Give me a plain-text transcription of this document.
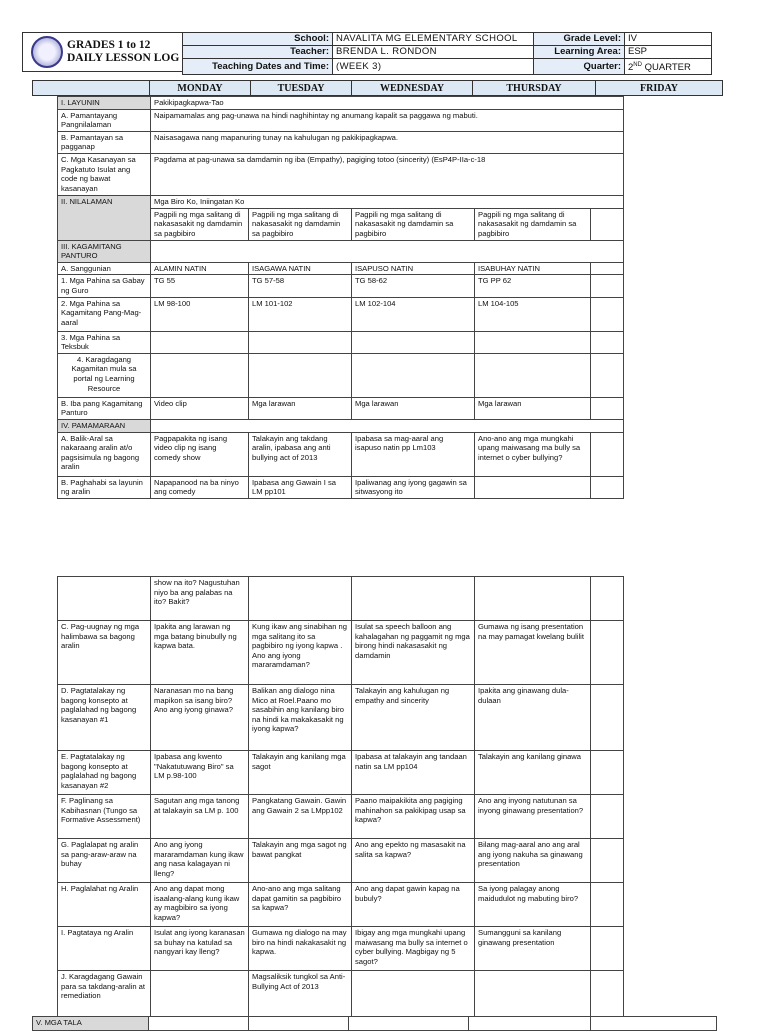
GRADES 1 to 12
DAILY LESSON LOG
School:	NAVALITA MG ELEMENTARY SCHOOL	Grade Level:	IV
Teacher:	BRENDA L. RONDON	Learning Area:	ESP
Teaching Dates and Time:	(WEEK 3)	Quarter:	2ND QUARTER
	MONDAY	TUESDAY	WEDNESDAY	THURSDAY	FRIDAY
I. LAYUNIN	Pakikipagkapwa-Tao				
A. Pamantayang Pangnilalaman	Naipamamalas ang pag-unawa na hindi naghihintay ng anumang kapalit sa paggawa ng mabuti.				
B. Pamantayan sa pagganap	Naisasagawa nang mapanuring tunay na kahulugan ng pakikipagkapwa.				
C. Mga Kasanayan sa Pagkatuto Isulat ang code ng bawat kasanayan	Pagdama at pag-unawa sa damdamin ng iba (Empathy), pagiging totoo (sincerity) (EsP4P-IIa-c-18				
II. NILALAMAN	Mga Biro Ko, Iniingatan Ko				
	Pagpili ng mga salitang di nakasasakit ng damdamin sa pagbibiro	Pagpili ng mga salitang di nakasasakit ng damdamin sa pagbibiro	Pagpili ng mga salitang di nakasasakit ng damdamin sa pagbibiro	Pagpili ng mga salitang di nakasasakit ng damdamin sa pagbibiro	
III. KAGAMITANG PANTURO					
A. Sanggunian	ALAMIN NATIN	ISAGAWA NATIN	ISAPUSO NATIN	ISABUHAY NATIN	
1. Mga Pahina sa Gabay ng Guro	TG 55	TG 57-58	TG 58-62	TG PP 62	
2. Mga Pahina sa Kagamitang Pang-Mag-aaral	LM 98-100	LM 101-102	LM 102-104	LM 104-105	
3. Mga Pahina sa Teksbuk					
4. Karagdagang Kagamitan mula sa portal ng Learning Resource					
B. Iba pang Kagamitang Panturo	Video clip	Mga larawan	Mga larawan	Mga larawan	
IV. PAMAMARAAN					
A. Balik-Aral sa nakaraang aralin at/o pagsisimula ng bagong aralin	Pagpapakita ng isang video clip ng isang comedy show	Talakayin ang takdang aralin, ipabasa ang anti bullying act of 2013	Ipabasa sa mag-aaral ang isapuso natin pp Lm103	Ano-ano ang mga mungkahi upang maiwasang ma bully sa internet o cyber bullying?	
B. Paghahabi sa layunin ng aralin	Napapanood na ba ninyo ang comedy	Ipabasa ang Gawain I sa LM pp101	Ipaliwanag ang iyong gagawin sa sitwasyong ito		
	show na ito? Nagustuhan niyo ba ang palabas na ito? Bakit?				
C. Pag-uugnay ng mga halimbawa sa bagong aralin	Ipakita ang larawan ng mga batang binubully ng kapwa bata.	Kung ikaw ang sinabihan ng mga salitang ito sa pagbibiro ng iyong kapwa . Ano ang iyong mararamdaman?	Isulat sa speech balloon ang kahalagahan ng paggamit ng mga birong hindi nakasasakit ng damdamin	Gumawa ng isang presentation na may pamagat kwelang bulilit	
D. Pagtatalakay ng bagong konsepto at paglalahad ng bagong kasanayan #1	Naranasan mo na bang mapikon sa isang biro? Ano ang iyong ginawa?	Balikan ang dialogo nina Mico at Roel.Paano mo sasabihin ang kanilang biro na hindi ka makakasakit ng iyong kapwa?	Talakayin ang kahulugan ng empathy and sincerity	Ipakita ang ginawang dula-dulaan	
E. Pagtatalakay ng bagong konsepto at paglalahad ng bagong kasanayan #2	Ipabasa ang kwento "Nakatutuwang Biro" sa LM p.98-100	Talakayin ang kanilang mga sagot	Ipabasa at talakayin ang tandaan natin sa LM pp104	Talakayin ang kanilang ginawa	
F. Paglinang sa Kabihasnan (Tungo sa Formative Assessment)	Sagutan ang mga tanong at talakayin sa LM p. 100	Pangkatang Gawain. Gawin ang Gawain 2 sa LMpp102	Paano maipakikita ang pagiging mahinahon sa pakikipag usap sa kapwa?	Ano ang inyong natutunan sa inyong ginawang presentation?	
G. Paglalapat ng aralin sa pang-araw-araw na buhay	Ano ang iyong mararamdaman kung ikaw ang nasa kalagayan ni lleng?	Talakayin ang mga sagot ng bawat pangkat	Ano ang epekto ng masasakit na salita sa kapwa?	Bilang mag-aaral ano ang aral ang iyong nakuha sa ginawang presentation	
H. Paglalahat ng Aralin	Ano ang dapat mong isaalang-alang kung ikaw ay magbibiro sa iyong kapwa?	Ano-ano ang mga salitang dapat gamitin sa pagbibiro sa kapwa?	Ano ang dapat gawin kapag na bubuly?	Sa iyong palagay anong maidudulot ng mabuting biro?	
I. Pagtataya ng Aralin	Isulat ang iyong karanasan sa buhay na katulad sa nangyari kay lleng?	Gumawa ng dialogo na may biro na hindi nakakasakit ng kapwa.	Ibigay ang mga mungkahi upang maiwasang ma bully sa internet o cyber bullying. Magbigay ng 5 sagot?	Sumangguni sa kanilang ginawang presentation	
J. Karagdagang Gawain para sa takdang-aralin at remediation		Magsaliksik tungkol sa Anti-Bullying Act of 2013			
V. MGA TALA					
